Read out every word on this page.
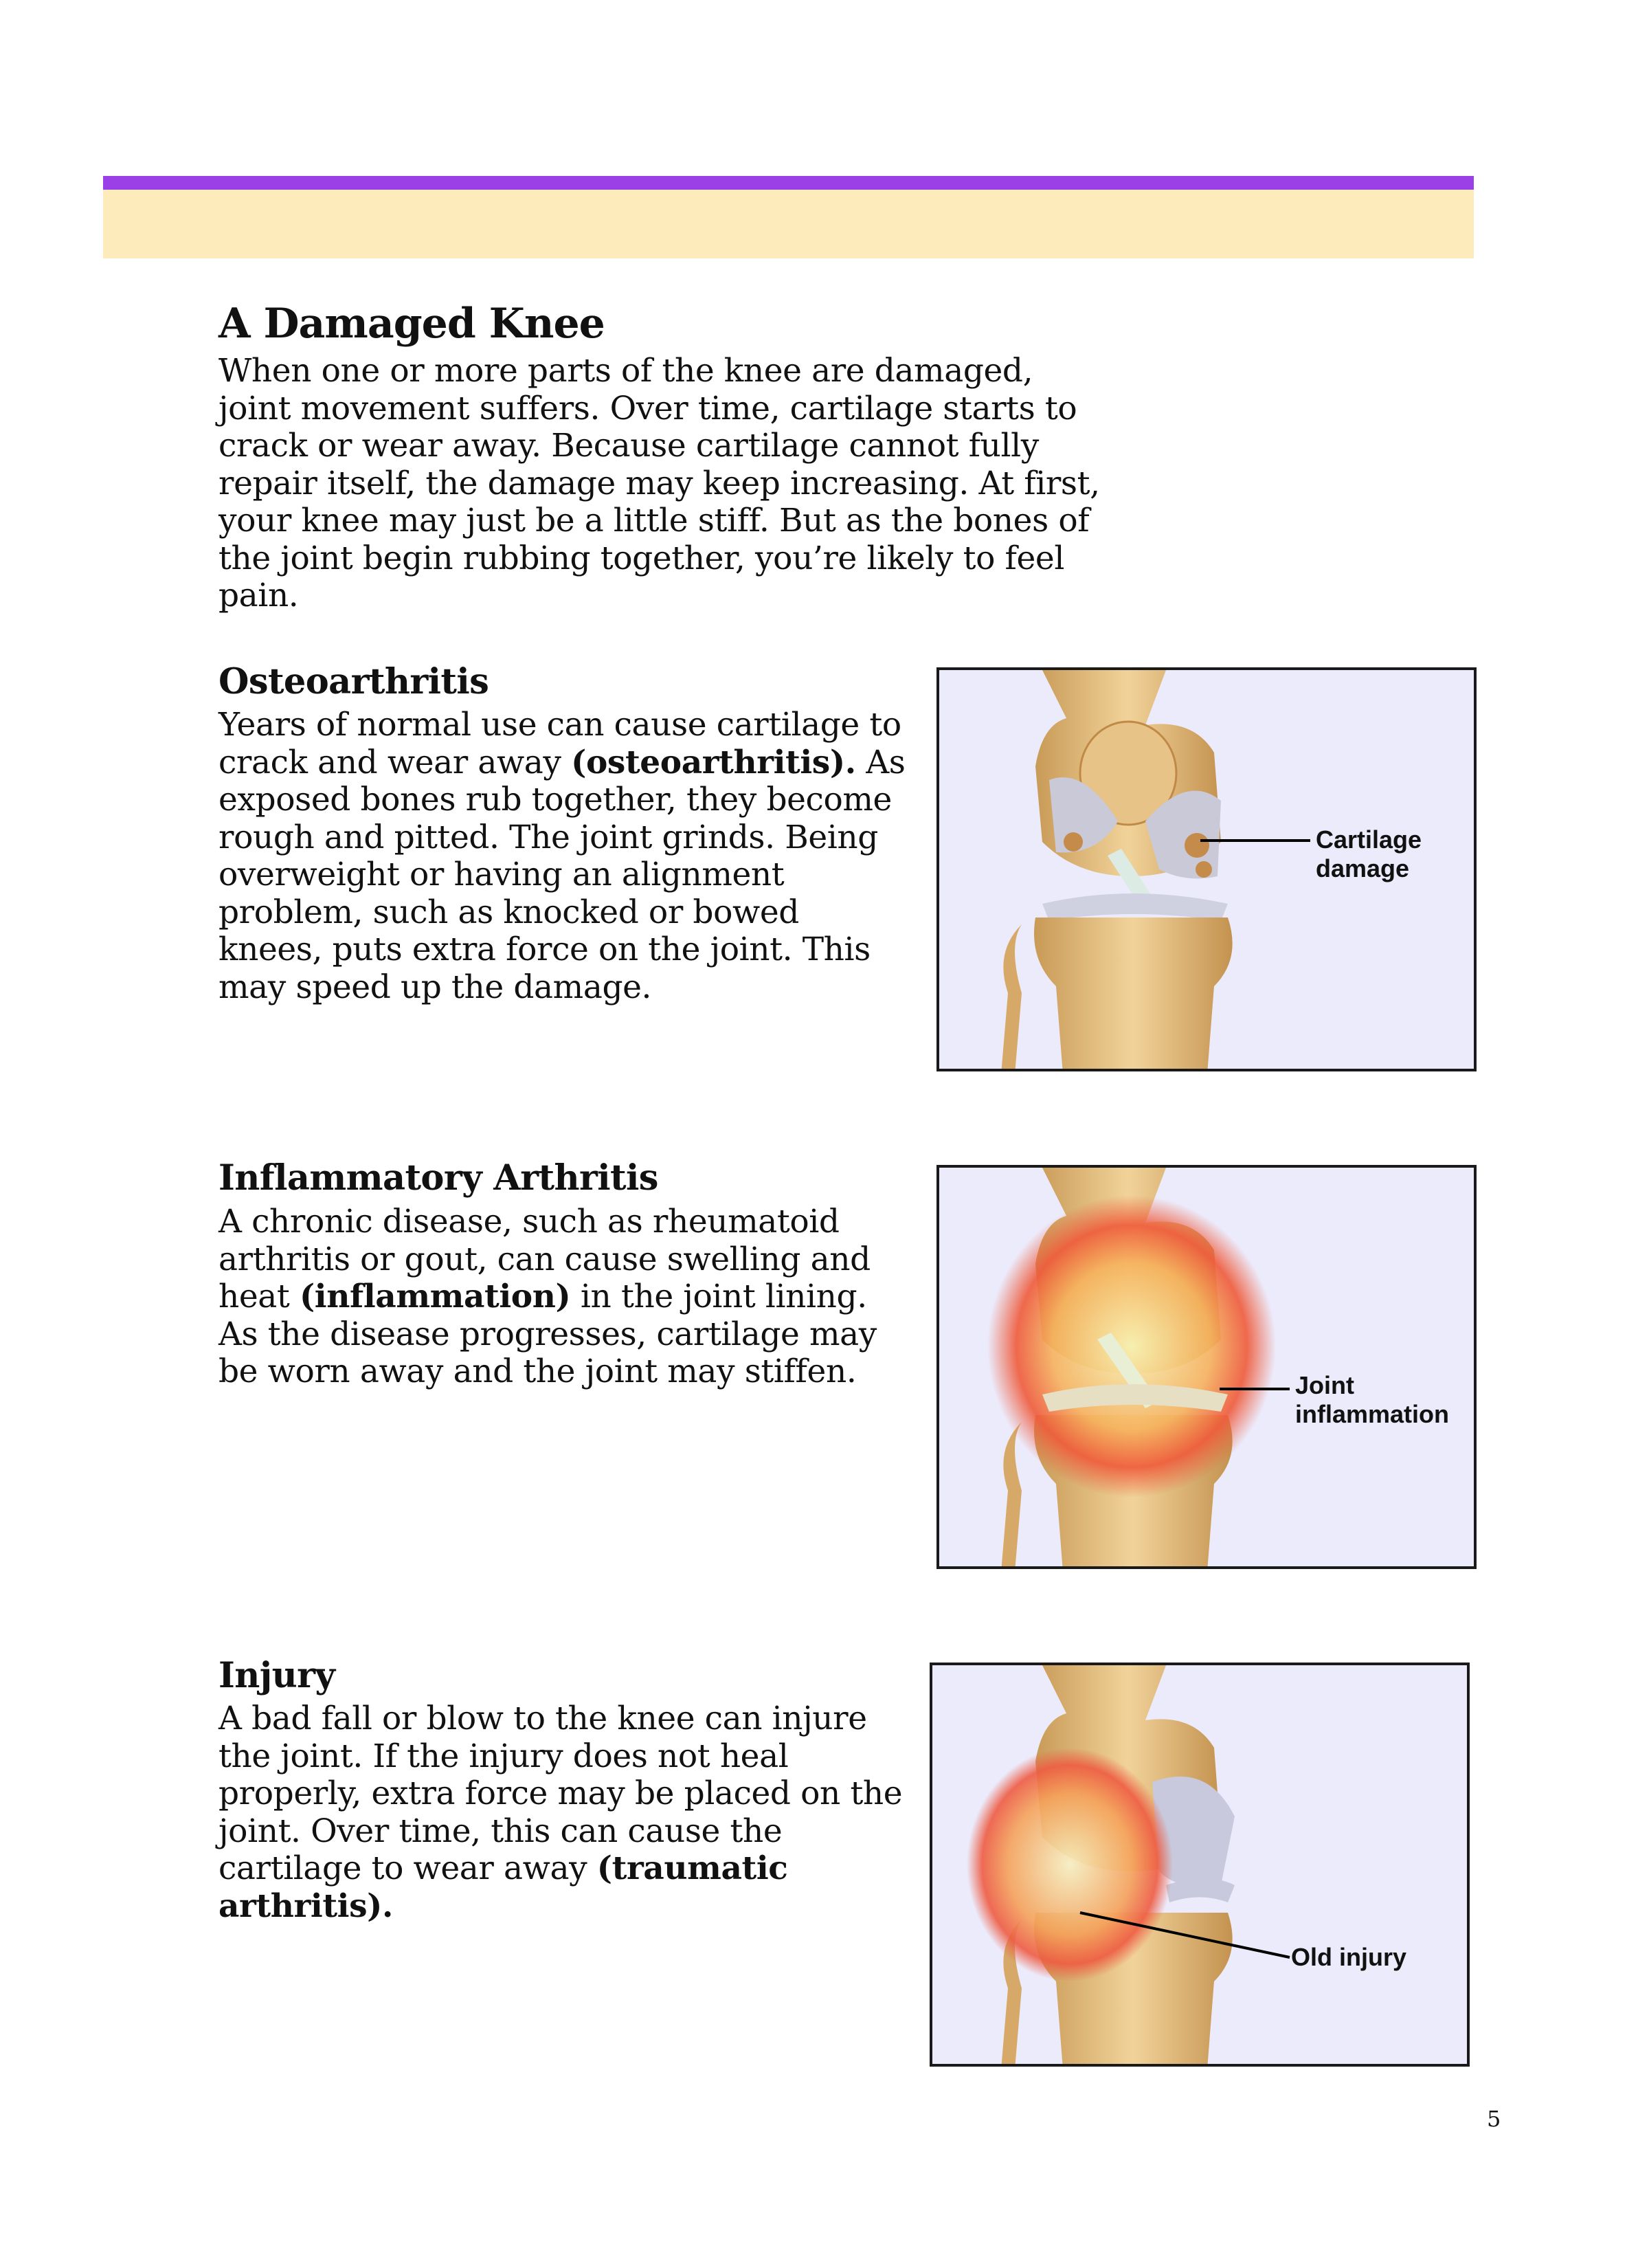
A Damaged Knee

When one or more parts of the knee are damaged, joint movement suffers. Over time, cartilage starts to crack or wear away. Because cartilage cannot fully repair itself, the damage may keep increasing. At first, your knee may just be a little stiff. But as the bones of the joint begin rubbing together, you’re likely to feel pain.

Osteoarthritis

Years of normal use can cause cartilage to crack and wear away (osteoarthritis). As exposed bones rub together, they become rough and pitted. The joint grinds. Being overweight or having an alignment problem, such as knocked or bowed knees, puts extra force on the joint. This may speed up the damage.

Cartilage
damage
Inflammatory Arthritis

A chronic disease, such as rheumatoid arthritis or gout, can cause swelling and heat (inflammation) in the joint lining. As the disease progresses, cartilage may be worn away and the joint may stiffen.	Joint
inflammation
Injury

A bad fall or blow to the knee can injure the joint. If the injury does not heal properly, extra force may be placed on the joint. Over time, this can cause the cartilage to wear away (traumatic arthritis).

Old injury
5
